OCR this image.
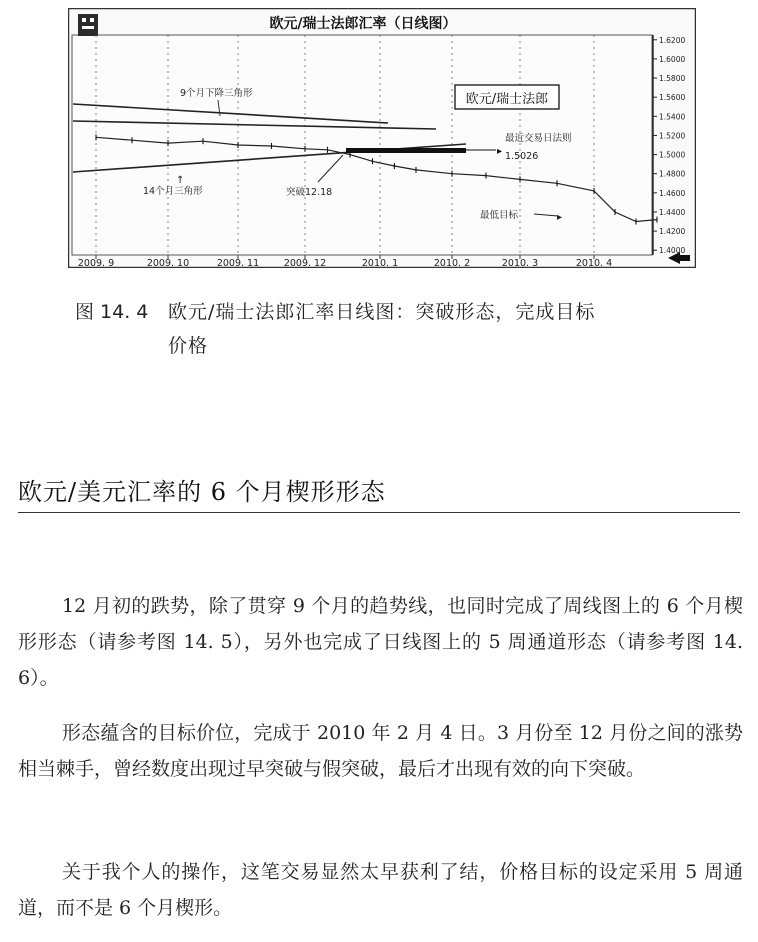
欧元/瑞士法郎汇率（日线图）
2009. 9	2009. 10	2009. 11	2009. 12	2010. 1	2010. 2	2010. 3	2010. 4
1.6200
1.6000
1.5800
1.5600
1.5400
1.5200
1.5000
1.4800
1.4600
1.4400
1.4200
1.4000
▸
欧元/瑞士法郎
9个月下降三角形
14个月三角形
↑
突破12.18
最近交易日法则
1.5026
最低目标	▸
图 14. 4 欧元/瑞士法郎汇率日线图：突破形态，完成目标
价格
欧元/美元汇率的 6 个月楔形形态

12 月初的跌势，除了贯穿 9 个月的趋势线，也同时完成了周线图上的 6 个月楔形形态（请参考图 14. 5），另外也完成了日线图上的 5 周通道形态（请参考图 14. 6）。

形态蕴含的目标价位，完成于 2010 年 2 月 4 日。3 月份至 12 月份之间的涨势相当棘手，曾经数度出现过早突破与假突破，最后才出现有效的向下突破。

关于我个人的操作，这笔交易显然太早获利了结，价格目标的设定采用 5 周通道，而不是 6 个月楔形。
